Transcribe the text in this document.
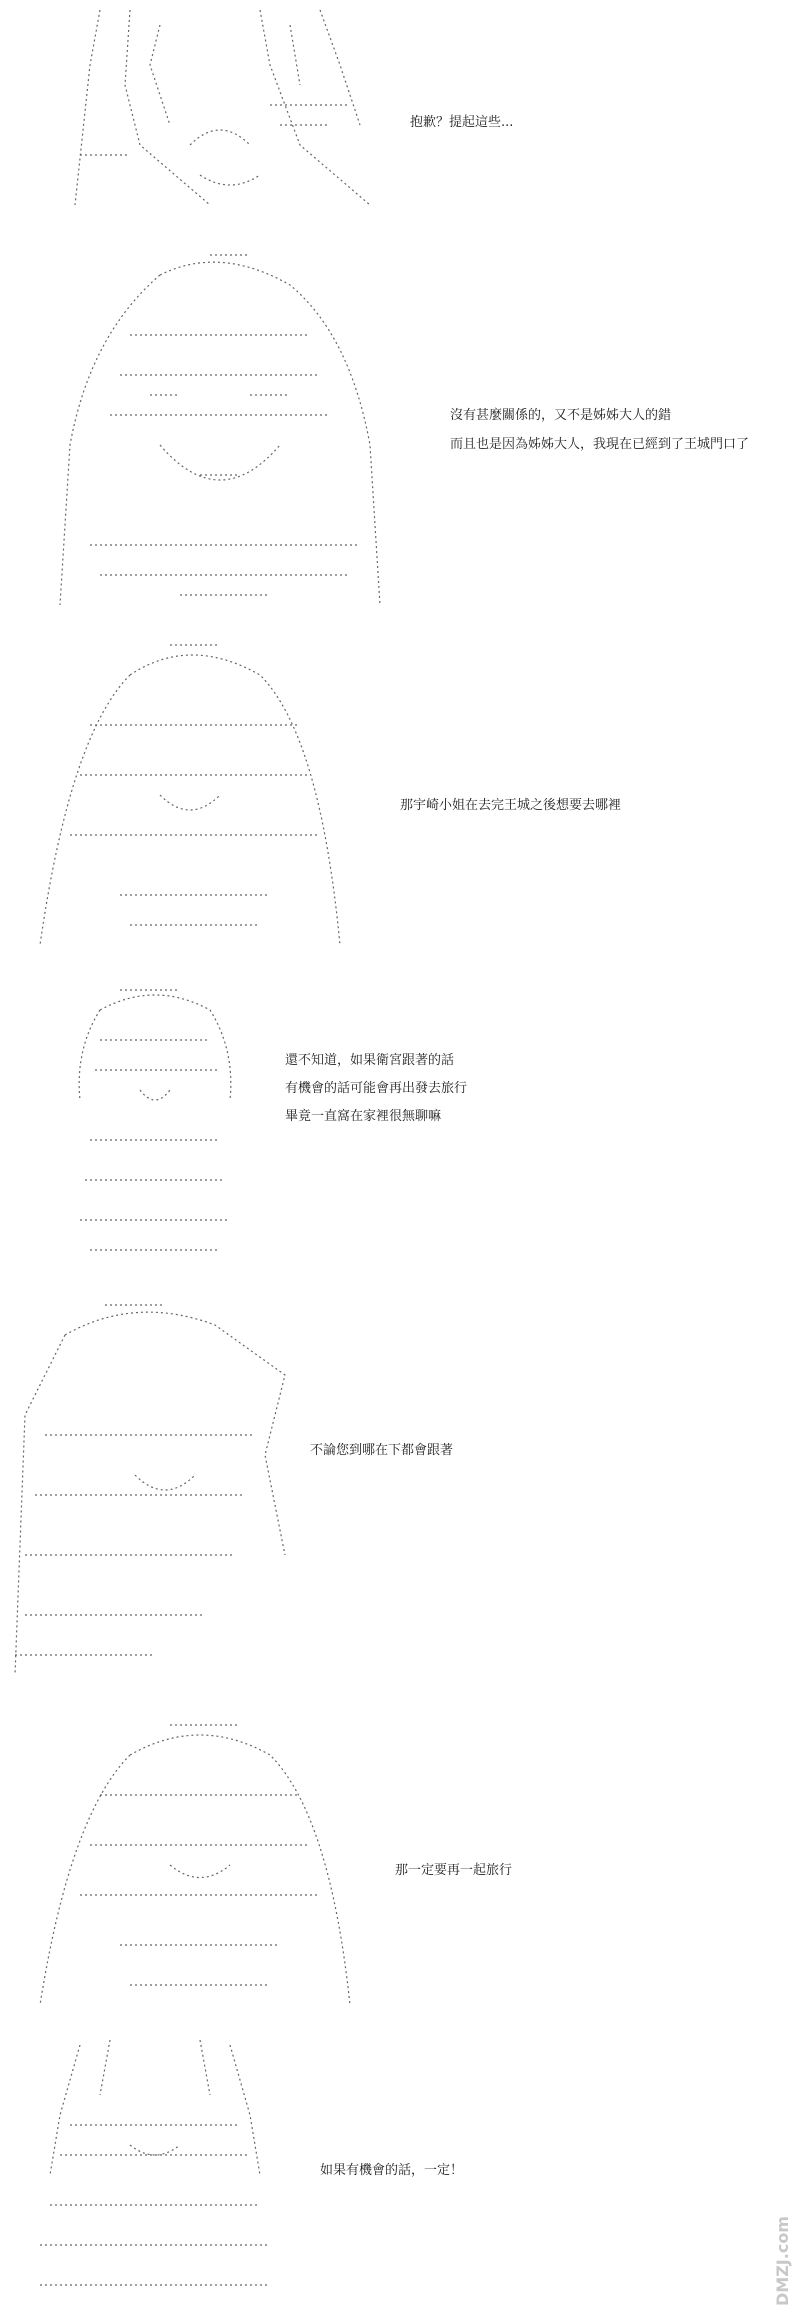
抱歉？提起這些...

沒有甚麼關係的，又不是姊姊大人的錯

而且也是因為姊姊大人，我現在已經到了王城門口了

那宇崎小姐在去完王城之後想要去哪裡

還不知道，如果衛宮跟著的話

有機會的話可能會再出發去旅行

畢竟一直窩在家裡很無聊嘛

不論您到哪在下都會跟著

那一定要再一起旅行

如果有機會的話，一定！

DMZJ.com
